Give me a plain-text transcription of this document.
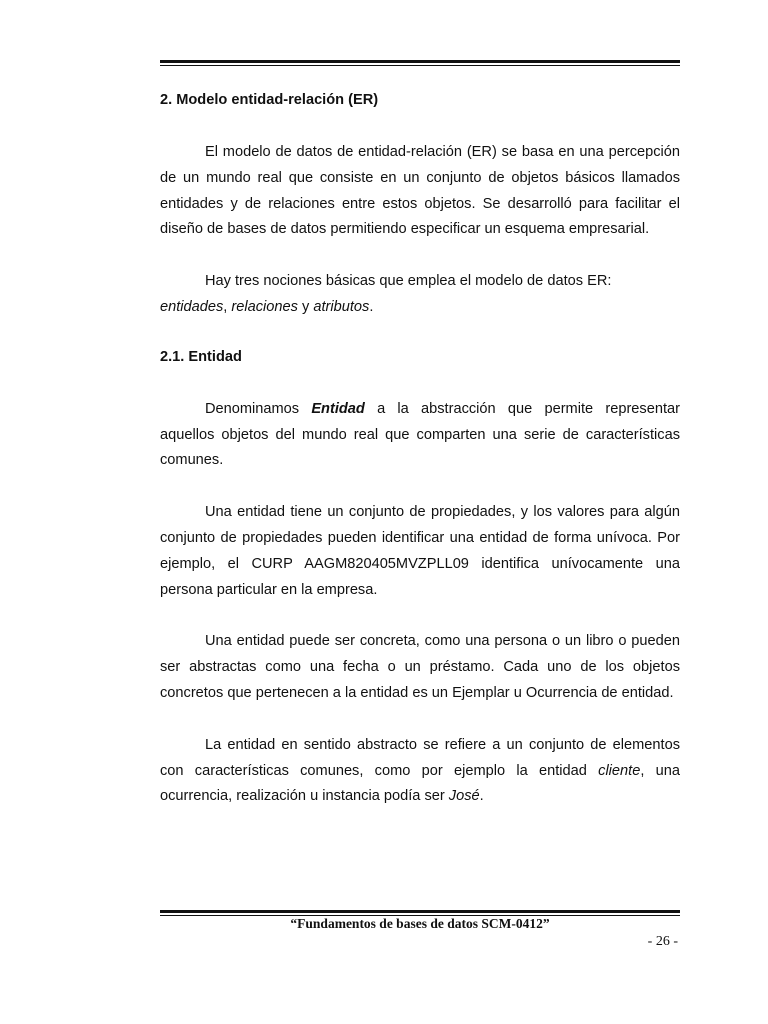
2. Modelo entidad-relación (ER)

El modelo de datos de entidad-relación (ER) se basa en una percepción de un mundo real que consiste en un conjunto de objetos básicos llamados entidades y de relaciones entre estos objetos. Se desarrolló para facilitar el diseño de bases de datos permitiendo especificar un esquema empresarial.

Hay tres nociones básicas que emplea el modelo de datos ER:

entidades, relaciones y atributos.

2.1. Entidad

Denominamos Entidad a la abstracción que permite representar aquellos objetos del mundo real que comparten una serie de características comunes.

Una entidad tiene un conjunto de propiedades, y los valores para algún conjunto de propiedades pueden identificar una entidad de forma unívoca. Por ejemplo, el CURP AAGM820405MVZPLL09 identifica unívocamente una persona particular en la empresa.

Una entidad puede ser concreta, como una persona o un libro o pueden ser abstractas como una fecha o un préstamo. Cada uno de los objetos concretos que pertenecen a la entidad es un Ejemplar u Ocurrencia de entidad.

La entidad en sentido abstracto se refiere a un conjunto de elementos con características comunes, como por ejemplo la entidad cliente, una ocurrencia, realización u instancia podía ser José.

“Fundamentos de bases de datos SCM-0412”
- 26 -
